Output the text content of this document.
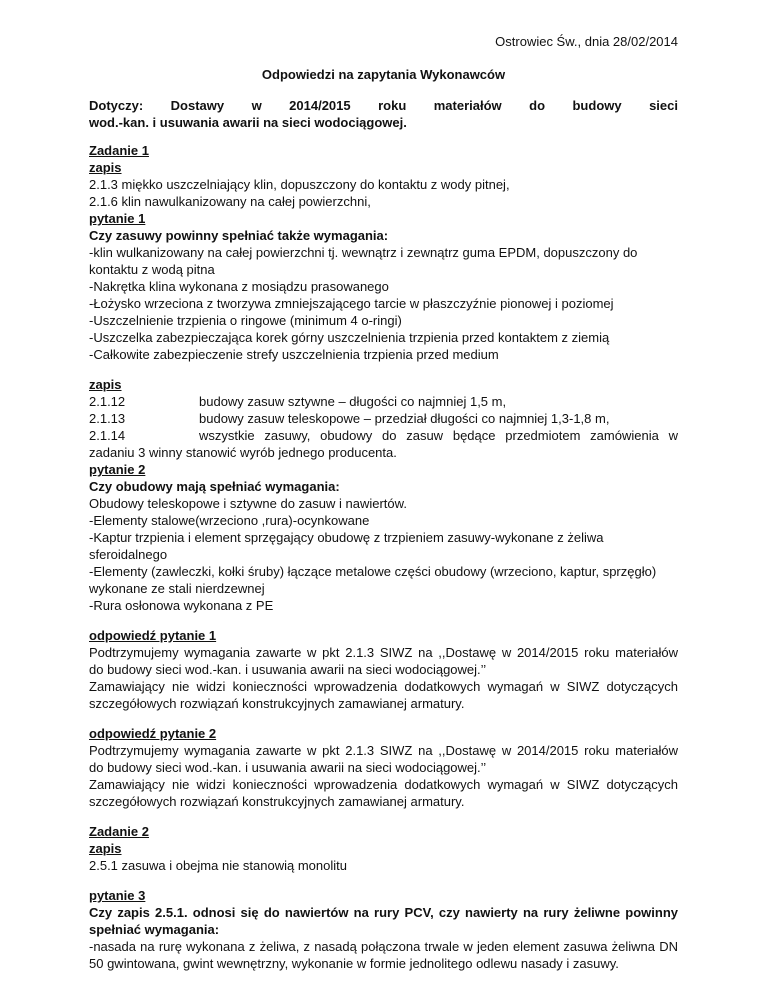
Ostrowiec Św., dnia 28/02/2014
Odpowiedzi na zapytania Wykonawców
Dotyczy: Dostawy w 2014/2015 roku materiałów do budowy sieci
wod.-kan. i usuwania awarii na sieci wodociągowej.
Zadanie 1
zapis
2.1.3 miękko uszczelniający klin, dopuszczony do kontaktu z wody pitnej,
2.1.6 klin nawulkanizowany na całej powierzchni,
pytanie 1
Czy zasuwy powinny spełniać także wymagania:
-klin wulkanizowany na całej powierzchni tj. wewnątrz i zewnątrz guma EPDM, dopuszczony do
kontaktu z wodą pitna
-Nakrętka klina wykonana z mosiądzu prasowanego
-Łożysko wrzeciona z tworzywa zmniejszającego tarcie w płaszczyźnie pionowej i poziomej
-Uszczelnienie trzpienia o ringowe (minimum 4 o-ringi)
-Uszczelka zabezpieczająca korek górny uszczelnienia trzpienia przed kontaktem z ziemią
-Całkowite zabezpieczenie strefy uszczelnienia trzpienia przed medium
zapis
2.1.12	budowy zasuw sztywne – długości co najmniej 1,5 m,
2.1.13	budowy zasuw teleskopowe – przedział długości co najmniej 1,3-1,8 m,
2.1.14	wszystkie zasuwy, obudowy do zasuw będące przedmiotem zamówienia w
zadaniu 3 winny stanowić wyrób jednego producenta.
pytanie 2
Czy obudowy mają spełniać wymagania:
Obudowy teleskopowe i sztywne do zasuw i nawiertów.
-Elementy stalowe(wrzeciono ,rura)-ocynkowane
-Kaptur trzpienia i element sprzęgający obudowę z trzpieniem zasuwy-wykonane z żeliwa
sferoidalnego
-Elementy (zawleczki, kołki śruby) łączące metalowe części obudowy (wrzeciono, kaptur, sprzęgło)
wykonane ze stali nierdzewnej
-Rura osłonowa wykonana z PE
odpowiedź pytanie 1
Podtrzymujemy wymagania zawarte w pkt 2.1.3 SIWZ na ,,Dostawę w 2014/2015 roku materiałów
do budowy sieci wod.-kan. i usuwania awarii na sieci wodociągowej.’’
Zamawiający nie widzi konieczności wprowadzenia dodatkowych wymagań w SIWZ dotyczących
szczegółowych rozwiązań konstrukcyjnych zamawianej armatury.
odpowiedź pytanie 2
Podtrzymujemy wymagania zawarte w pkt 2.1.3 SIWZ na ,,Dostawę w 2014/2015 roku materiałów
do budowy sieci wod.-kan. i usuwania awarii na sieci wodociągowej.’’
Zamawiający nie widzi konieczności wprowadzenia dodatkowych wymagań w SIWZ dotyczących
szczegółowych rozwiązań konstrukcyjnych zamawianej armatury.
Zadanie 2
zapis
2.5.1 zasuwa i obejma nie stanowią monolitu
pytanie 3
Czy zapis 2.5.1. odnosi się do nawiertów na rury PCV, czy nawierty na rury żeliwne powinny
spełniać wymagania:
-nasada na rurę wykonana z żeliwa, z nasadą połączona trwale w jeden element zasuwa żeliwna DN
50 gwintowana, gwint wewnętrzny, wykonanie w formie jednolitego odlewu nasady i zasuwy.
